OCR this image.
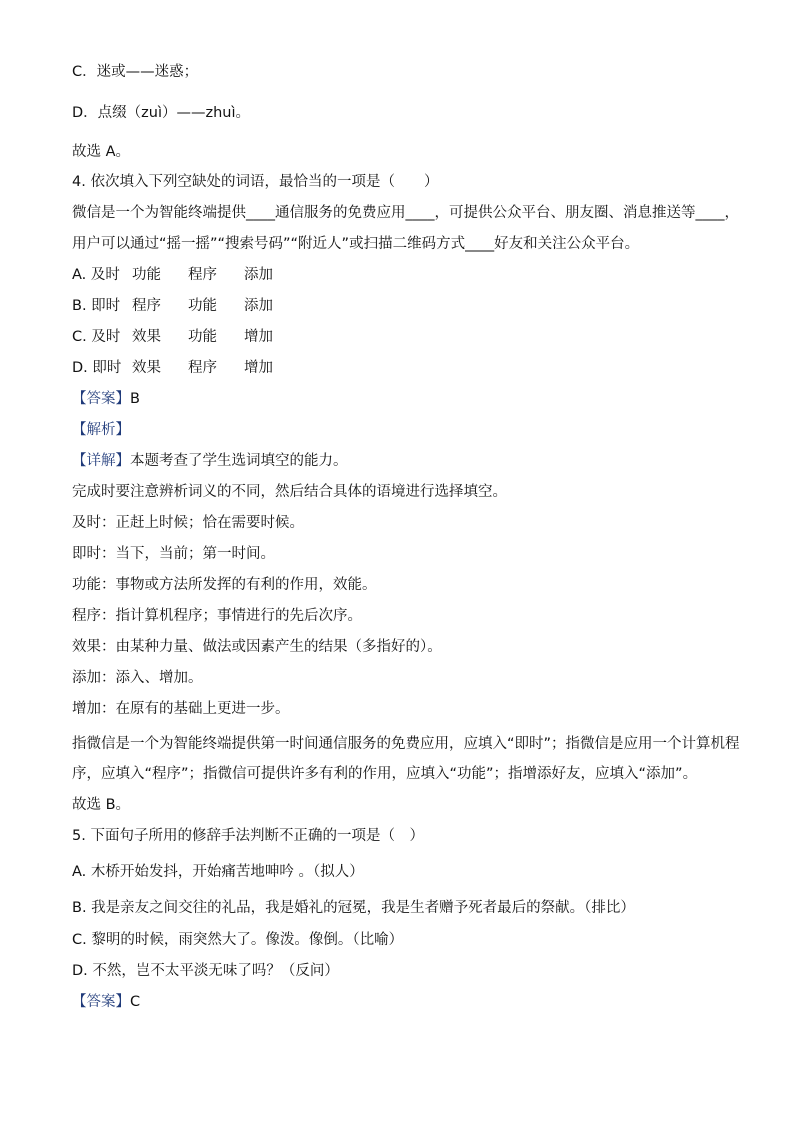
C．迷或——迷惑；
D．点缀（zuì）——zhuì。
故选 A。
4. 依次填入下列空缺处的词语，最恰当的一项是（　　）
微信是一个为智能终端提供____通信服务的免费应用____，可提供公众平台、朋友圈、消息推送等____，
用户可以通过“摇一摇”“搜索号码”“附近人”或扫描二维码方式____好友和关注公众平台。
A. 及时 功能 程序 添加
B. 即时 程序 功能 添加
C. 及时 效果 功能 增加
D. 即时 效果 程序 增加
【答案】B
【解析】
【详解】本题考查了学生选词填空的能力。
完成时要注意辨析词义的不同，然后结合具体的语境进行选择填空。
及时：正赶上时候；恰在需要时候。
即时：当下，当前；第一时间。
功能：事物或方法所发挥的有利的作用，效能。
程序：指计算机程序；事情进行的先后次序。
效果：由某种力量、做法或因素产生的结果（多指好的）。
添加：添入、增加。
增加：在原有的基础上更进一步。
指微信是一个为智能终端提供第一时间通信服务的免费应用，应填入“即时”；指微信是应用一个计算机程
序，应填入“程序”；指微信可提供许多有利的作用，应填入“功能”；指增添好友，应填入“添加”。
故选 B。
5. 下面句子所用的修辞手法判断不正确的一项是（　）
A. 木桥开始发抖，开始痛苦地呻吟 。（拟人）
B. 我是亲友之间交往的礼品，我是婚礼的冠冕，我是生者赠予死者最后的祭献。（排比）
C. 黎明的时候，雨突然大了。像泼。像倒。（比喻）
D. 不然，岂不太平淡无味了吗？（反问）
【答案】C
